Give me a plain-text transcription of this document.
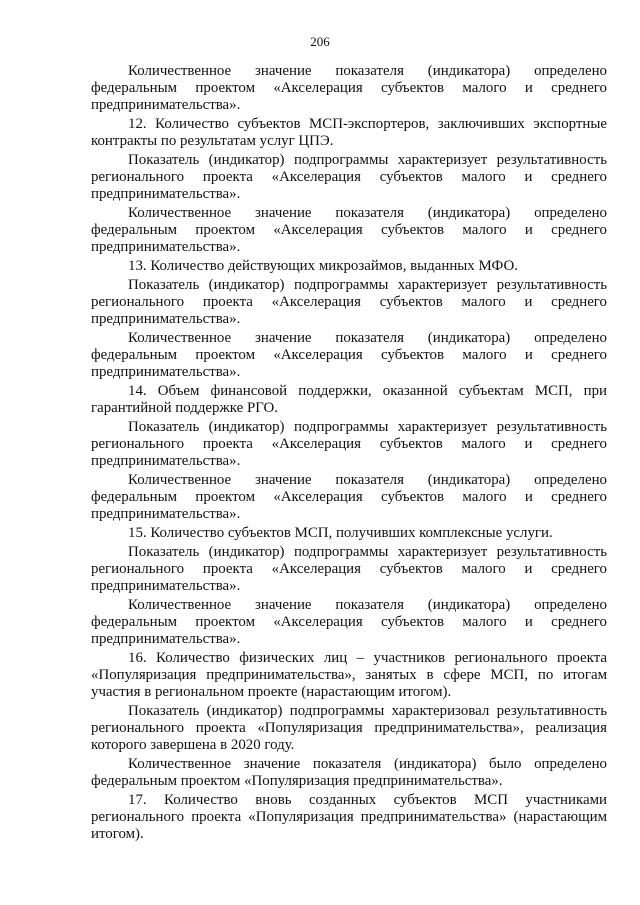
206

Количественное значение показателя (индикатора) определено федеральным проектом «Акселерация субъектов малого и среднего предпринимательства».

12. Количество субъектов МСП-экспортеров, заключивших экспортные контракты по результатам услуг ЦПЭ.

Показатель (индикатор) подпрограммы характеризует результативность регионального проекта «Акселерация субъектов малого и среднего предпринимательства».

Количественное значение показателя (индикатора) определено федеральным проектом «Акселерация субъектов малого и среднего предпринимательства».

13. Количество действующих микрозаймов, выданных МФО.

Показатель (индикатор) подпрограммы характеризует результативность регионального проекта «Акселерация субъектов малого и среднего предпринимательства».

Количественное значение показателя (индикатора) определено федеральным проектом «Акселерация субъектов малого и среднего предпринимательства».

14. Объем финансовой поддержки, оказанной субъектам МСП, при гарантийной поддержке РГО.

Показатель (индикатор) подпрограммы характеризует результативность регионального проекта «Акселерация субъектов малого и среднего предпринимательства».

Количественное значение показателя (индикатора) определено федеральным проектом «Акселерация субъектов малого и среднего предпринимательства».

15. Количество субъектов МСП, получивших комплексные услуги.

Показатель (индикатор) подпрограммы характеризует результативность регионального проекта «Акселерация субъектов малого и среднего предпринимательства».

Количественное значение показателя (индикатора) определено федеральным проектом «Акселерация субъектов малого и среднего предпринимательства».

16. Количество физических лиц – участников регионального проекта «Популяризация предпринимательства», занятых в сфере МСП, по итогам участия в региональном проекте (нарастающим итогом).

Показатель (индикатор) подпрограммы характеризовал результативность регионального проекта «Популяризация предпринимательства», реализация которого завершена в 2020 году.

Количественное значение показателя (индикатора) было определено федеральным проектом «Популяризация предпринимательства».

17. Количество вновь созданных субъектов МСП участниками регионального проекта «Популяризация предпринимательства» (нарастающим итогом).
